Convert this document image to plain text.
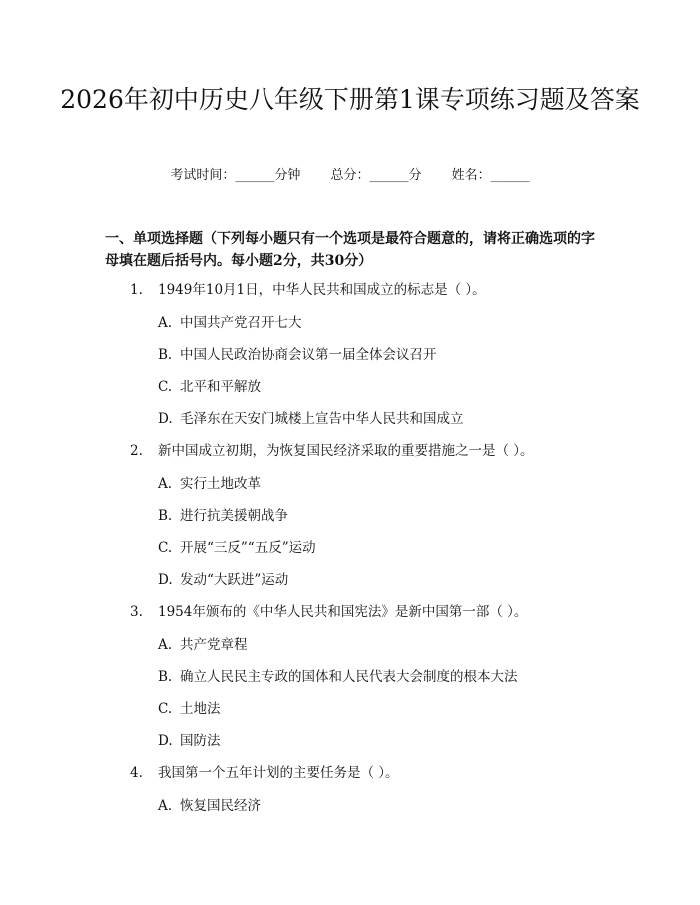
2026年初中历史八年级下册第1课专项练习题及答案
考试时间：______分钟 总分：______分 姓名：______
一、单项选择题（下列每小题只有一个选项是最符合题意的，请将正确选项的字母填在题后括号内。每小题2分，共30分）
1. 1949年10月1日，中华人民共和国成立的标志是（ ）。
A. 中国共产党召开七大
B. 中国人民政治协商会议第一届全体会议召开
C. 北平和平解放
D. 毛泽东在天安门城楼上宣告中华人民共和国成立
2. 新中国成立初期，为恢复国民经济采取的重要措施之一是（ ）。
A. 实行土地改革
B. 进行抗美援朝战争
C. 开展“三反”“五反”运动
D. 发动“大跃进”运动
3. 1954年颁布的《中华人民共和国宪法》是新中国第一部（ ）。
A. 共产党章程
B. 确立人民民主专政的国体和人民代表大会制度的根本大法
C. 土地法
D. 国防法
4. 我国第一个五年计划的主要任务是（ ）。
A. 恢复国民经济
